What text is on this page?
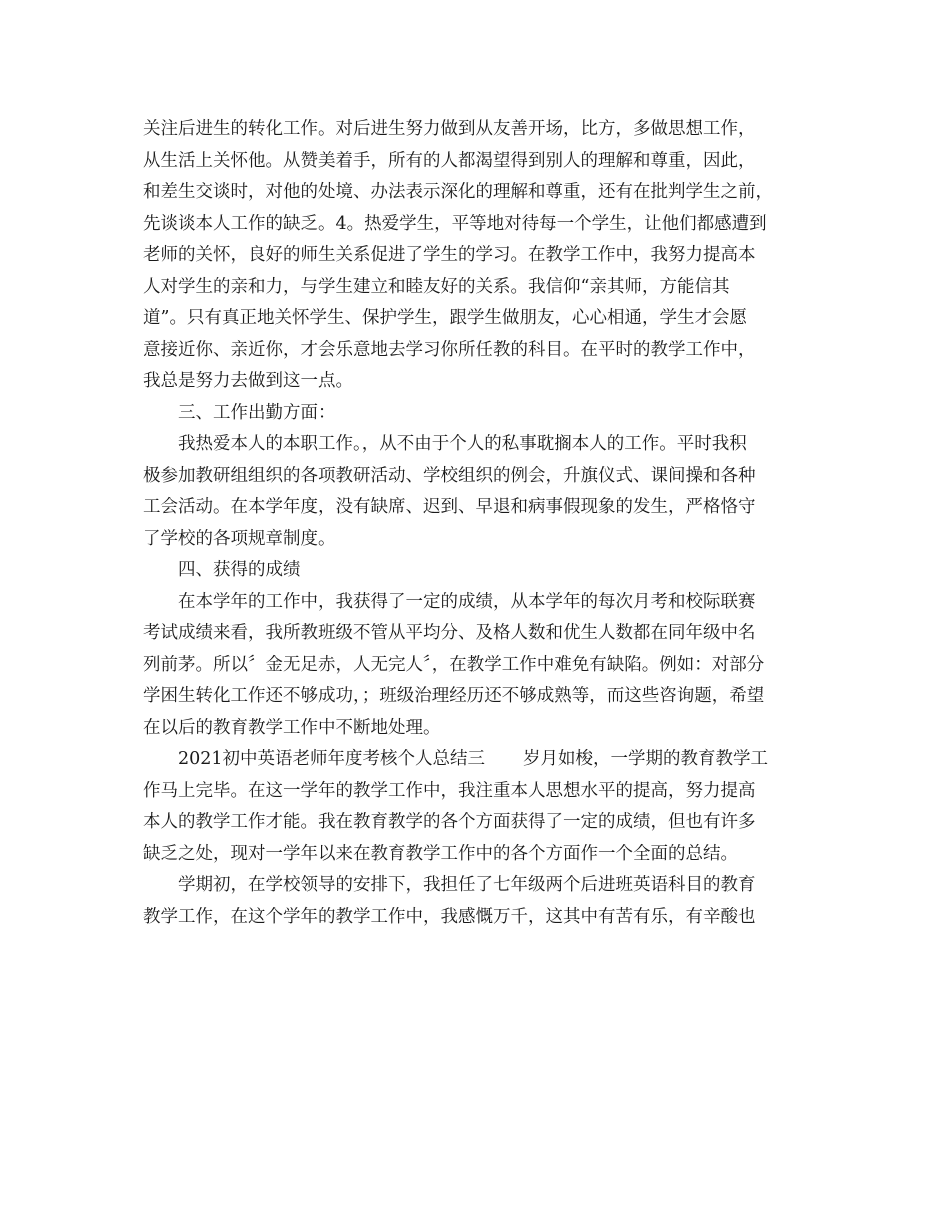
关注后进生的转化工作。对后进生努力做到从友善开场，比方，多做思想工作，
从生活上关怀他。从赞美着手，所有的人都渴望得到别人的理解和尊重，因此，
和差生交谈时，对他的处境、办法表示深化的理解和尊重，还有在批判学生之前，
先谈谈本人工作的缺乏。4。热爱学生，平等地对待每一个学生，让他们都感遭到
老师的关怀，良好的师生关系促进了学生的学习。在教学工作中，我努力提高本
人对学生的亲和力，与学生建立和睦友好的关系。我信仰“亲其师，方能信其
道”。只有真正地关怀学生、保护学生，跟学生做朋友，心心相通，学生才会愿
意接近你、亲近你，才会乐意地去学习你所任教的科目。在平时的教学工作中，
我总是努力去做到这一点。
三、工作出勤方面：
我热爱本人的本职工作。，从不由于个人的私事耽搁本人的工作。平时我积
极参加教研组组织的各项教研活动、学校组织的例会，升旗仪式、课间操和各种
工会活动。在本学年度，没有缺席、迟到、早退和病事假现象的发生，严格恪守
了学校的各项规章制度。
四、获得的成绩
在本学年的工作中，我获得了一定的成绩，从本学年的每次月考和校际联赛
考试成绩来看，我所教班级不管从平均分、及格人数和优生人数都在同年级中名
列前茅。所以〞金无足赤，人无完人〞，在教学工作中难免有缺陷。例如：对部分
学困生转化工作还不够成功，；班级治理经历还不够成熟等，而这些咨询题，希望
在以后的教育教学工作中不断地处理。
2021初中英语老师年度考核个人总结三 岁月如梭，一学期的教育教学工
作马上完毕。在这一学年的教学工作中，我注重本人思想水平的提高，努力提高
本人的教学工作才能。我在教育教学的各个方面获得了一定的成绩，但也有许多
缺乏之处，现对一学年以来在教育教学工作中的各个方面作一个全面的总结。
学期初，在学校领导的安排下，我担任了七年级两个后进班英语科目的教育
教学工作，在这个学年的教学工作中，我感慨万千，这其中有苦有乐，有辛酸也
